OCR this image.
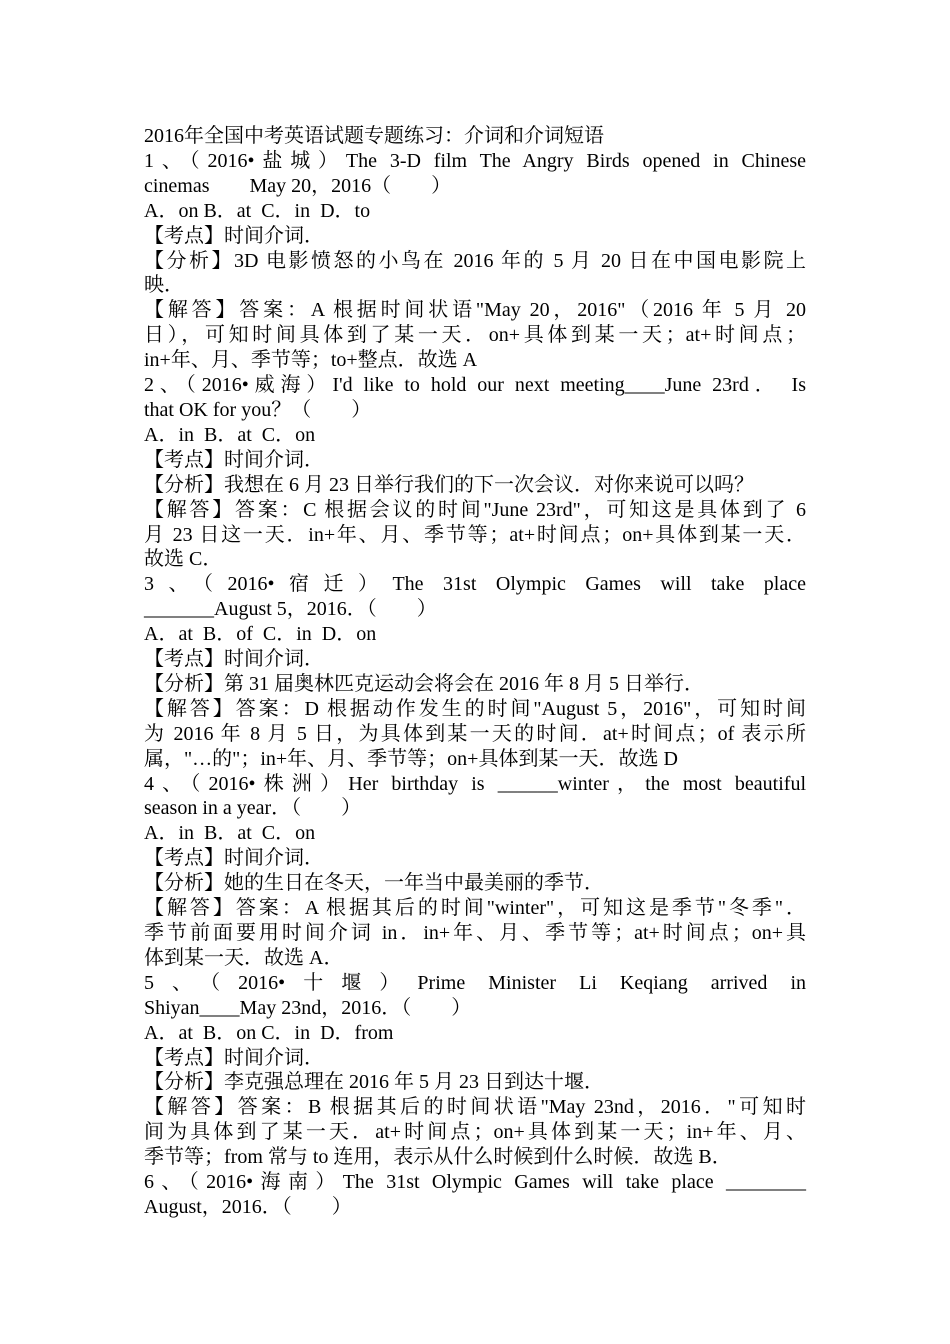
2016年全国中考英语试题专题练习：介词和介词短语
1、（2016•盐城）The 3-D film The Angry Birds opened in Chinese
cinemas　　May 20，2016（　　）
A．on B．at  C．in  D．to
【考点】时间介词．
【分析】3D 电影愤怒的小鸟在 2016 年的 5 月 20 日在中国电影院上
映．
【解答】答案：A 根据时间状语"May 20，2016"（2016 年 5 月 20
日），可知时间具体到了某一天．on+具体到某一天；at+时间点；
in+年、月、季节等；to+整点．故选 A
2、（2016•威海）I'd like to hold our next meeting____June 23rd． Is
that OK for you？（　　）
A．in  B．at  C．on
【考点】时间介词．
【分析】我想在 6 月 23 日举行我们的下一次会议．对你来说可以吗？
【解答】答案：C 根据会议的时间"June 23rd"，可知这是具体到了 6
月 23 日这一天．in+年、月、季节等；at+时间点；on+具体到某一天．
故选 C．
3、（2016•宿迁）The 31st Olympic Games will take place
_______August 5，2016．（　　）
A．at  B．of  C．in  D．on
【考点】时间介词．
【分析】第 31 届奥林匹克运动会将会在 2016 年 8 月 5 日举行．
【解答】答案：D 根据动作发生的时间"August 5，2016"，可知时间
为 2016 年 8 月 5 日，为具体到某一天的时间．at+时间点；of 表示所
属，"…的"；in+年、月、季节等；on+具体到某一天．故选 D
4、（2016•株洲）Her birthday is ______winter，the most beautiful
season in a year．（　　）
A．in  B．at  C．on
【考点】时间介词．
【分析】她的生日在冬天，一年当中最美丽的季节．
【解答】答案：A 根据其后的时间"winter"，可知这是季节"冬季"．
季节前面要用时间介词 in．in+年、月、季节等；at+时间点；on+具
体到某一天．故选 A．
5、（2016•十堰）Prime Minister Li Keqiang arrived in
Shiyan____May 23nd，2016．（　　）
A．at  B．on C．in  D．from
【考点】时间介词．
【分析】李克强总理在 2016 年 5 月 23 日到达十堰．
【解答】答案：B 根据其后的时间状语"May 23nd，2016．"可知时
间为具体到了某一天．at+时间点；on+具体到某一天；in+年、月、
季节等；from 常与 to 连用，表示从什么时候到什么时候．故选 B．
6、（2016•海南）The 31st Olympic Games will take place ________
August，2016．（　　）
